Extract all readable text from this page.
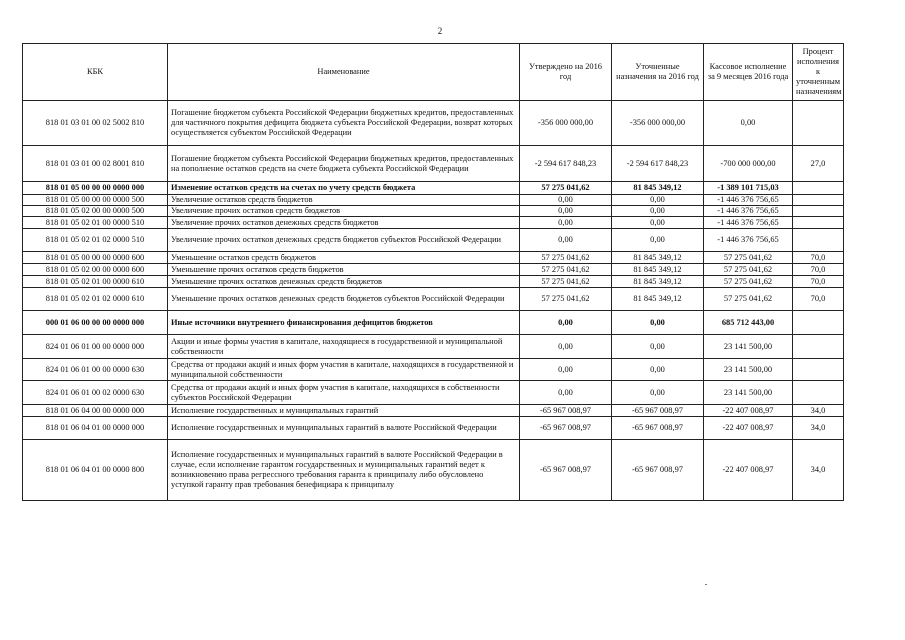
2
КБК	Наименование	Утверждено на 2016 год	Уточненные назначения на 2016 год	Кассовое исполнение за 9 месяцев 2016 года	Процент исполнения к уточненным назначениям
818 01 03 01 00 02 5002 810	Погашение бюджетом субъекта Российской Федерации бюджетных кредитов, предоставленных для частичного покрытия дефицита бюджета субъекта Российской Федерации, возврат которых осуществляется субъектом Российской Федерации	-356 000 000,00	-356 000 000,00	0,00	
818 01 03 01 00 02 8001 810	Погашение бюджетом субъекта Российской Федерации бюджетных кредитов, предоставленных на пополнение остатков средств на счете бюджета субъекта Российской Федерации	-2 594 617 848,23	-2 594 617 848,23	-700 000 000,00	27,0
818 01 05 00 00 00 0000 000	Изменение остатков средств на счетах по учету средств бюджета	57 275 041,62	81 845 349,12	-1 389 101 715,03	
818 01 05 00 00 00 0000 500	Увеличение остатков средств бюджетов	0,00	0,00	-1 446 376 756,65	
818 01 05 02 00 00 0000 500	Увеличение прочих остатков средств бюджетов	0,00	0,00	-1 446 376 756,65	
818 01 05 02 01 00 0000 510	Увеличение прочих остатков денежных средств бюджетов	0,00	0,00	-1 446 376 756,65	
818 01 05 02 01 02 0000 510	Увеличение прочих остатков денежных средств бюджетов субъектов Российской Федерации	0,00	0,00	-1 446 376 756,65	
818 01 05 00 00 00 0000 600	Уменьшение остатков средств бюджетов	57 275 041,62	81 845 349,12	57 275 041,62	70,0
818 01 05 02 00 00 0000 600	Уменьшение прочих остатков средств бюджетов	57 275 041,62	81 845 349,12	57 275 041,62	70,0
818 01 05 02 01 00 0000 610	Уменьшение прочих остатков денежных средств бюджетов	57 275 041,62	81 845 349,12	57 275 041,62	70,0
818 01 05 02 01 02 0000 610	Уменьшение прочих остатков денежных средств бюджетов субъектов Российской Федерации	57 275 041,62	81 845 349,12	57 275 041,62	70,0
000 01 06 00 00 00 0000 000	Иные источники внутреннего финансирования дефицитов бюджетов	0,00	0,00	685 712 443,00	
824 01 06 01 00 00 0000 000	Акции и иные формы участия в капитале, находящиеся в государственной и муниципальной собственности	0,00	0,00	23 141 500,00	
824 01 06 01 00 00 0000 630	Средства от продажи акций и иных форм участия в капитале, находящихся в государственной и муниципальной собственности	0,00	0,00	23 141 500,00	
824 01 06 01 00 02 0000 630	Средства от продажи акций и иных форм участия в капитале, находящихся в собственности субъектов Российской Федерации	0,00	0,00	23 141 500,00	
818 01 06 04 00 00 0000 000	Исполнение государственных и муниципальных гарантий	-65 967 008,97	-65 967 008,97	-22 407 008,97	34,0
818 01 06 04 01 00 0000 000	Исполнение государственных и муниципальных гарантий в валюте Российской Федерации	-65 967 008,97	-65 967 008,97	-22 407 008,97	34,0
818 01 06 04 01 00 0000 800	Исполнение государственных и муниципальных гарантий в валюте Российской Федерации в случае, если исполнение гарантом государственных и муниципальных гарантий ведет к возникновению права регрессного требования гаранта к принципалу либо обусловлено уступкой гаранту прав требования бенефициара к принципалу	-65 967 008,97	-65 967 008,97	-22 407 008,97	34,0
